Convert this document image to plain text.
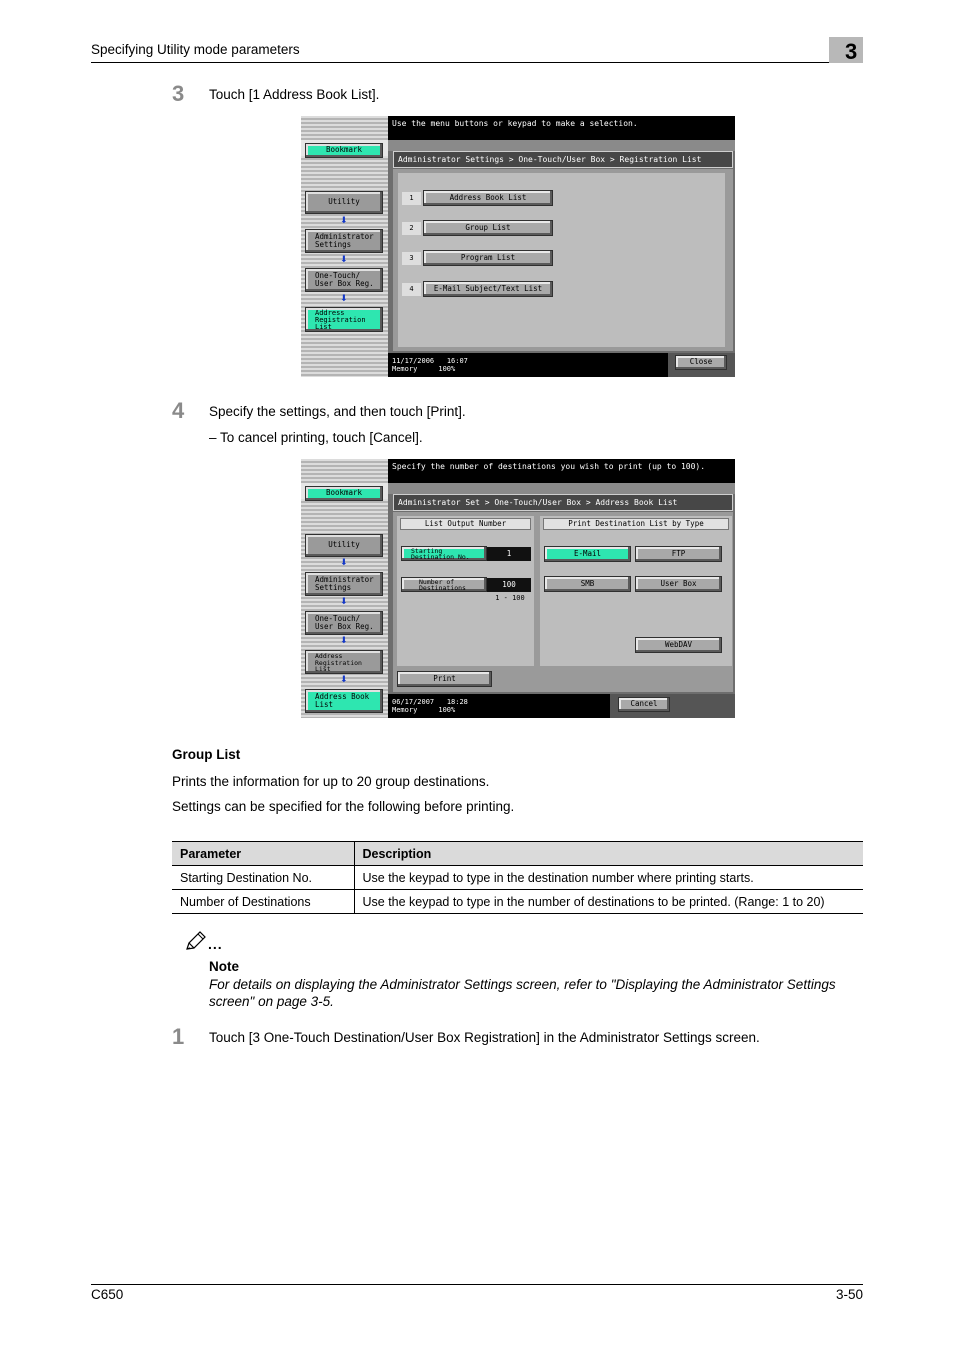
Specifying Utility mode parameters	3
3 Touch [1 Address Book List].
Bookmark
Utility
⬇
Administrator
Settings
⬇
One-Touch/
User Box Reg.
⬇
Address
Registration
List
Use the menu buttons or keypad to make a selection.
Administrator Settings > One-Touch/User Box > Registration List
1	Address Book List
2	Group List
3	Program List
4	E-Mail Subject/Text List
11/17/2006 16:07
Memory	100%
Close
4 Specify the settings, and then touch [Print].
– To cancel printing, touch [Cancel].
Bookmark
Utility
⬇
Administrator
Settings
⬇
One-Touch/
User Box Reg.
⬇
Address
Registration
List
⬇
Address Book
List
Specify the number of destinations you wish to print (up to 100).
Administrator Set > One-Touch/User Box > Address Book List
List Output Number
Starting
Destination No.	1
Number of
Destinations	100
1 - 100
Print Destination List by Type
E-Mail	FTP
SMB	User Box
WebDAV
Print
06/17/2007 18:28
Memory	100%
Cancel
Group List
Prints the information for up to 20 group destinations.
Settings can be specified for the following before printing.
Parameter	Description
Starting Destination No.	Use the keypad to type in the destination number where printing starts.
Number of Destinations	Use the keypad to type in the number of destinations to be printed. (Range: 1 to 20)
...
Note
For details on displaying the Administrator Settings screen, refer to "Displaying the Administrator Settings screen" on page 3-5.
1 Touch [3 One-Touch Destination/User Box Registration] in the Administrator Settings screen.
C650	3-50
